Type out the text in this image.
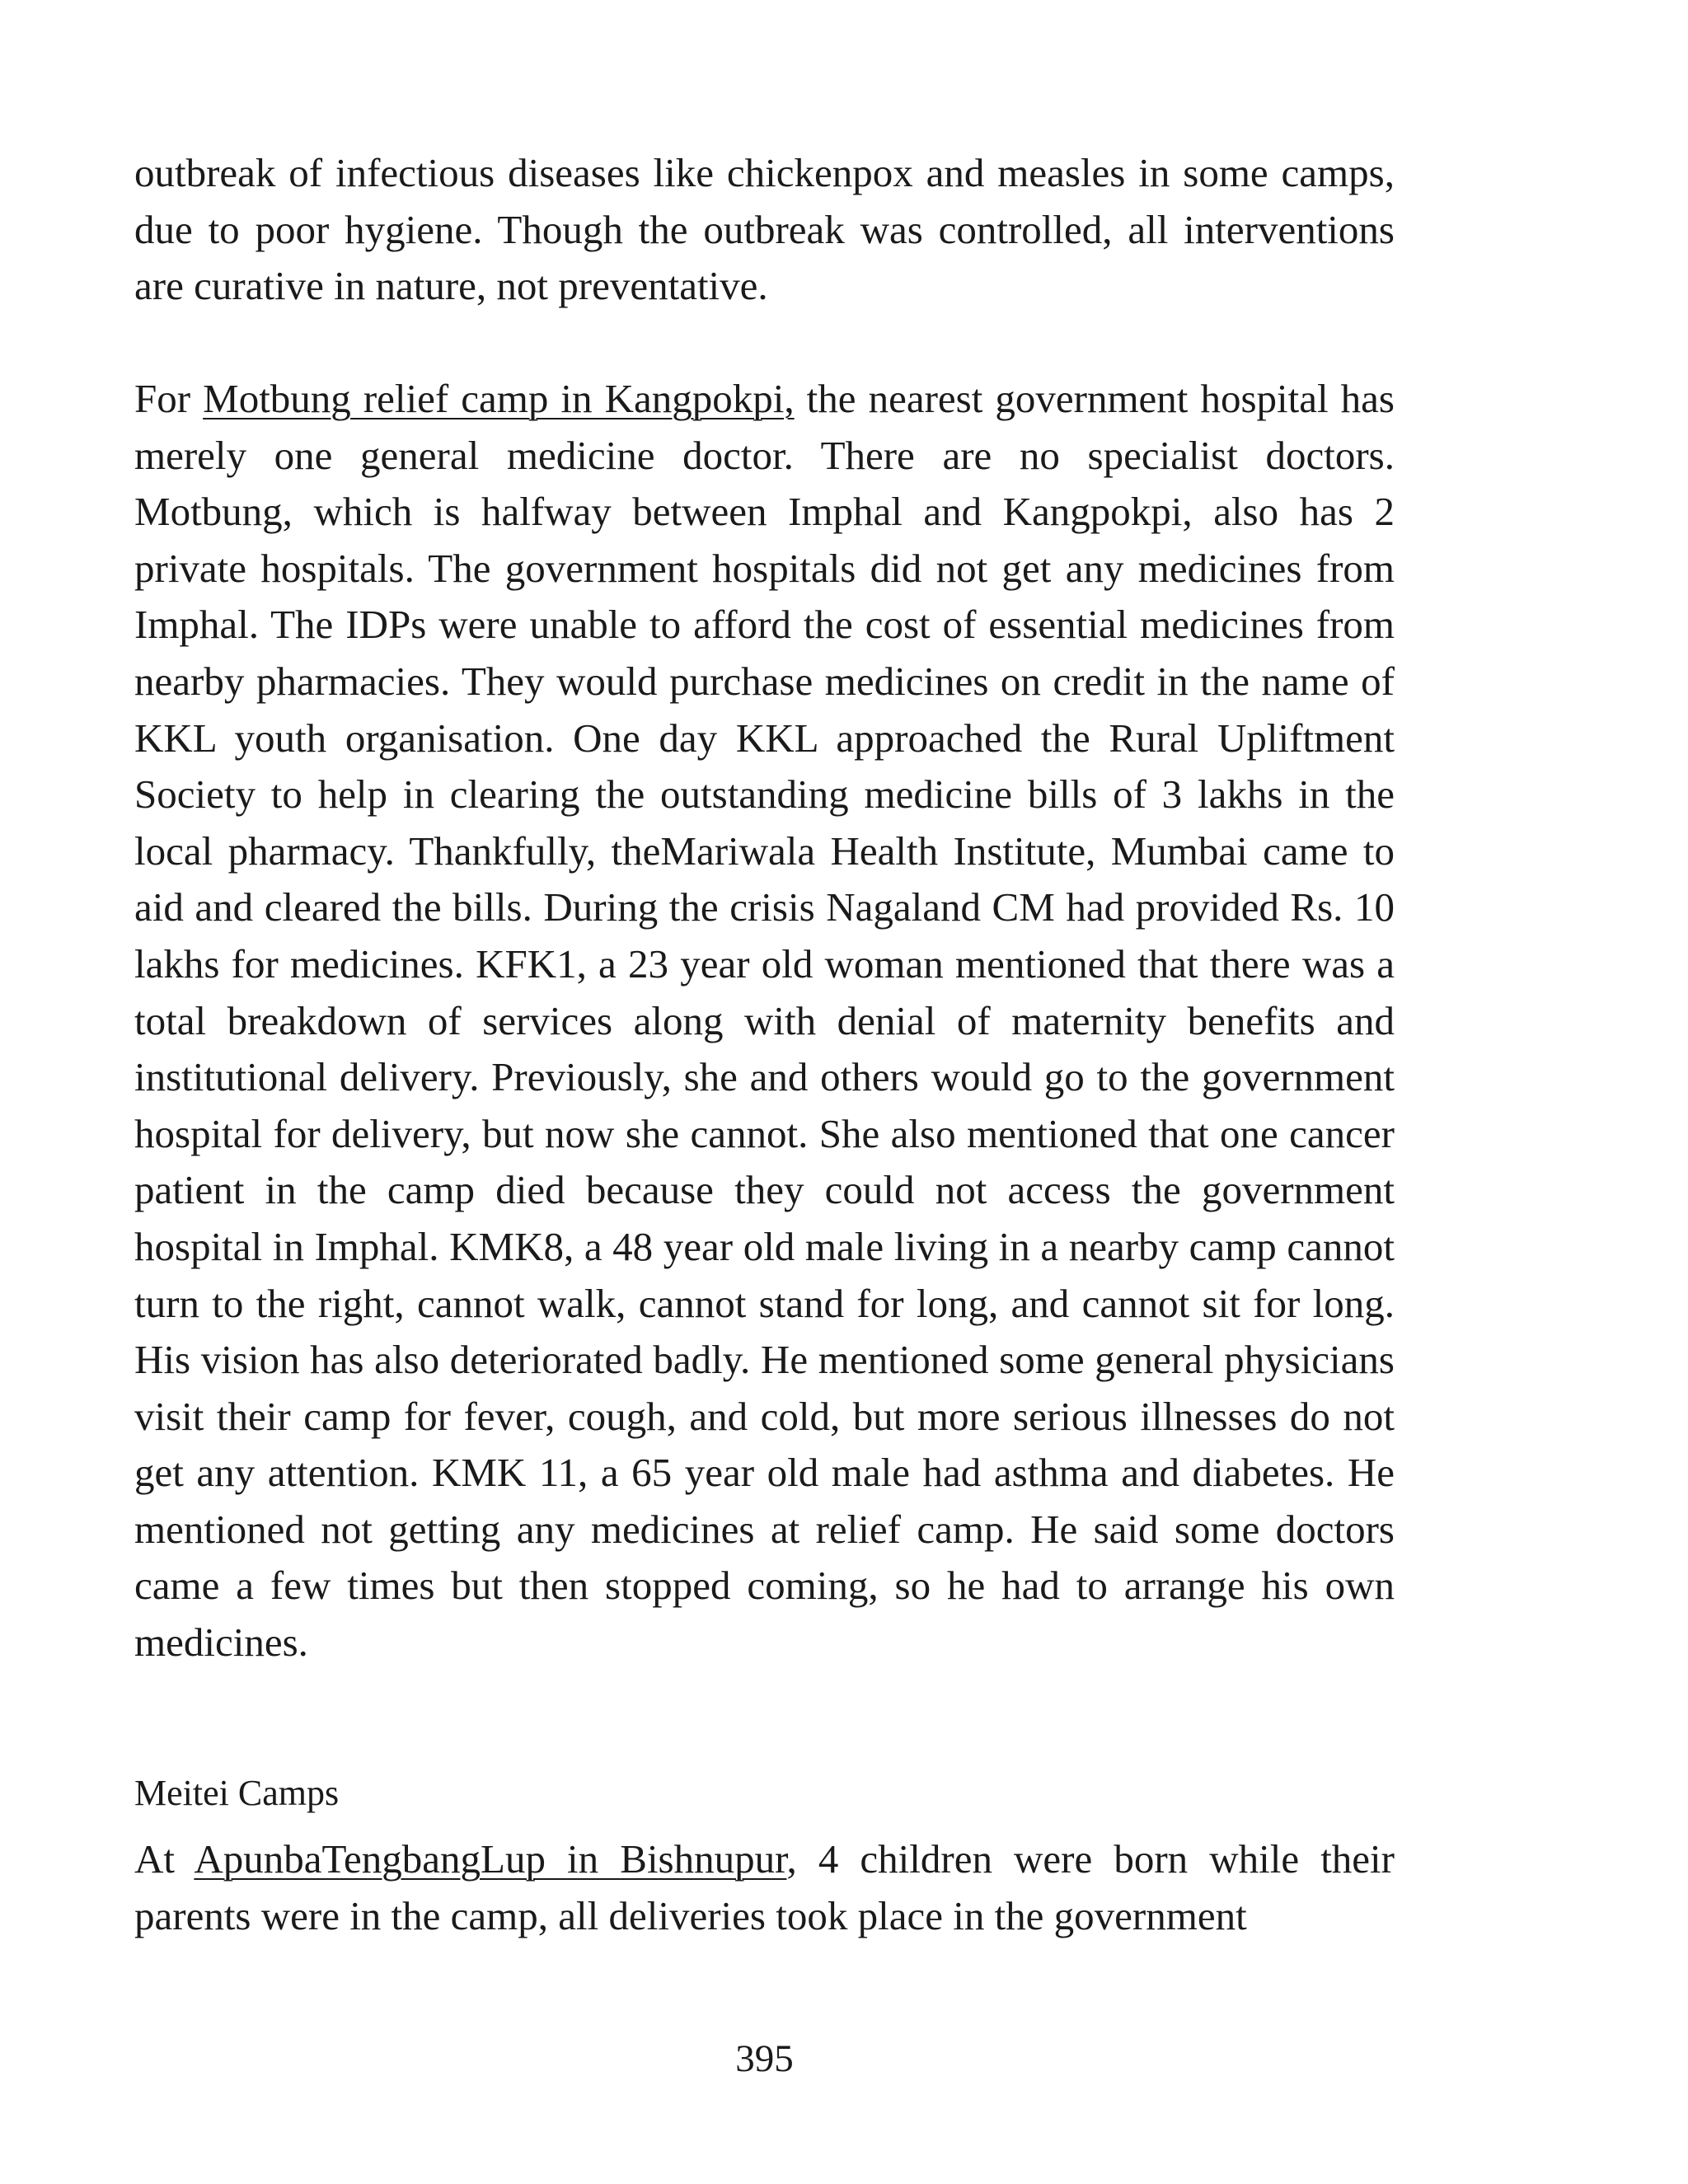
outbreak of infectious diseases like chickenpox and measles in some camps, due to poor hygiene. Though the outbreak was controlled, all interventions are curative in nature, not preventative.

For Motbung relief camp in Kangpokpi, the nearest government hospital has merely one general medicine doctor. There are no specialist doctors. Motbung, which is halfway between Imphal and Kangpokpi, also has 2 private hospitals. The government hospitals did not get any medicines from Imphal. The IDPs were unable to afford the cost of essential medicines from nearby pharmacies. They would purchase medicines on credit in the name of KKL youth organisation. One day KKL approached the Rural Upliftment Society to help in clearing the outstanding medicine bills of 3 lakhs in the local pharmacy. Thankfully, theMariwala Health Institute, Mumbai came to aid and cleared the bills. During the crisis Nagaland CM had provided Rs. 10 lakhs for medicines. KFK1, a 23 year old woman mentioned that there was a total breakdown of services along with denial of maternity benefits and institutional delivery. Previously, she and others would go to the government hospital for delivery, but now she cannot. She also mentioned that one cancer patient in the camp died because they could not access the government hospital in Imphal. KMK8, a 48 year old male living in a nearby camp cannot turn to the right, cannot walk, cannot stand for long, and cannot sit for long. His vision has also deteriorated badly. He mentioned some general physicians visit their camp for fever, cough, and cold, but more serious illnesses do not get any attention. KMK 11, a 65 year old male had asthma and diabetes. He mentioned not getting any medicines at relief camp. He said some doctors came a few times but then stopped coming, so he had to arrange his own medicines.

Meitei Camps

At ApunbaTengbangLup in Bishnupur, 4 children were born while their parents were in the camp, all deliveries took place in the government

395
